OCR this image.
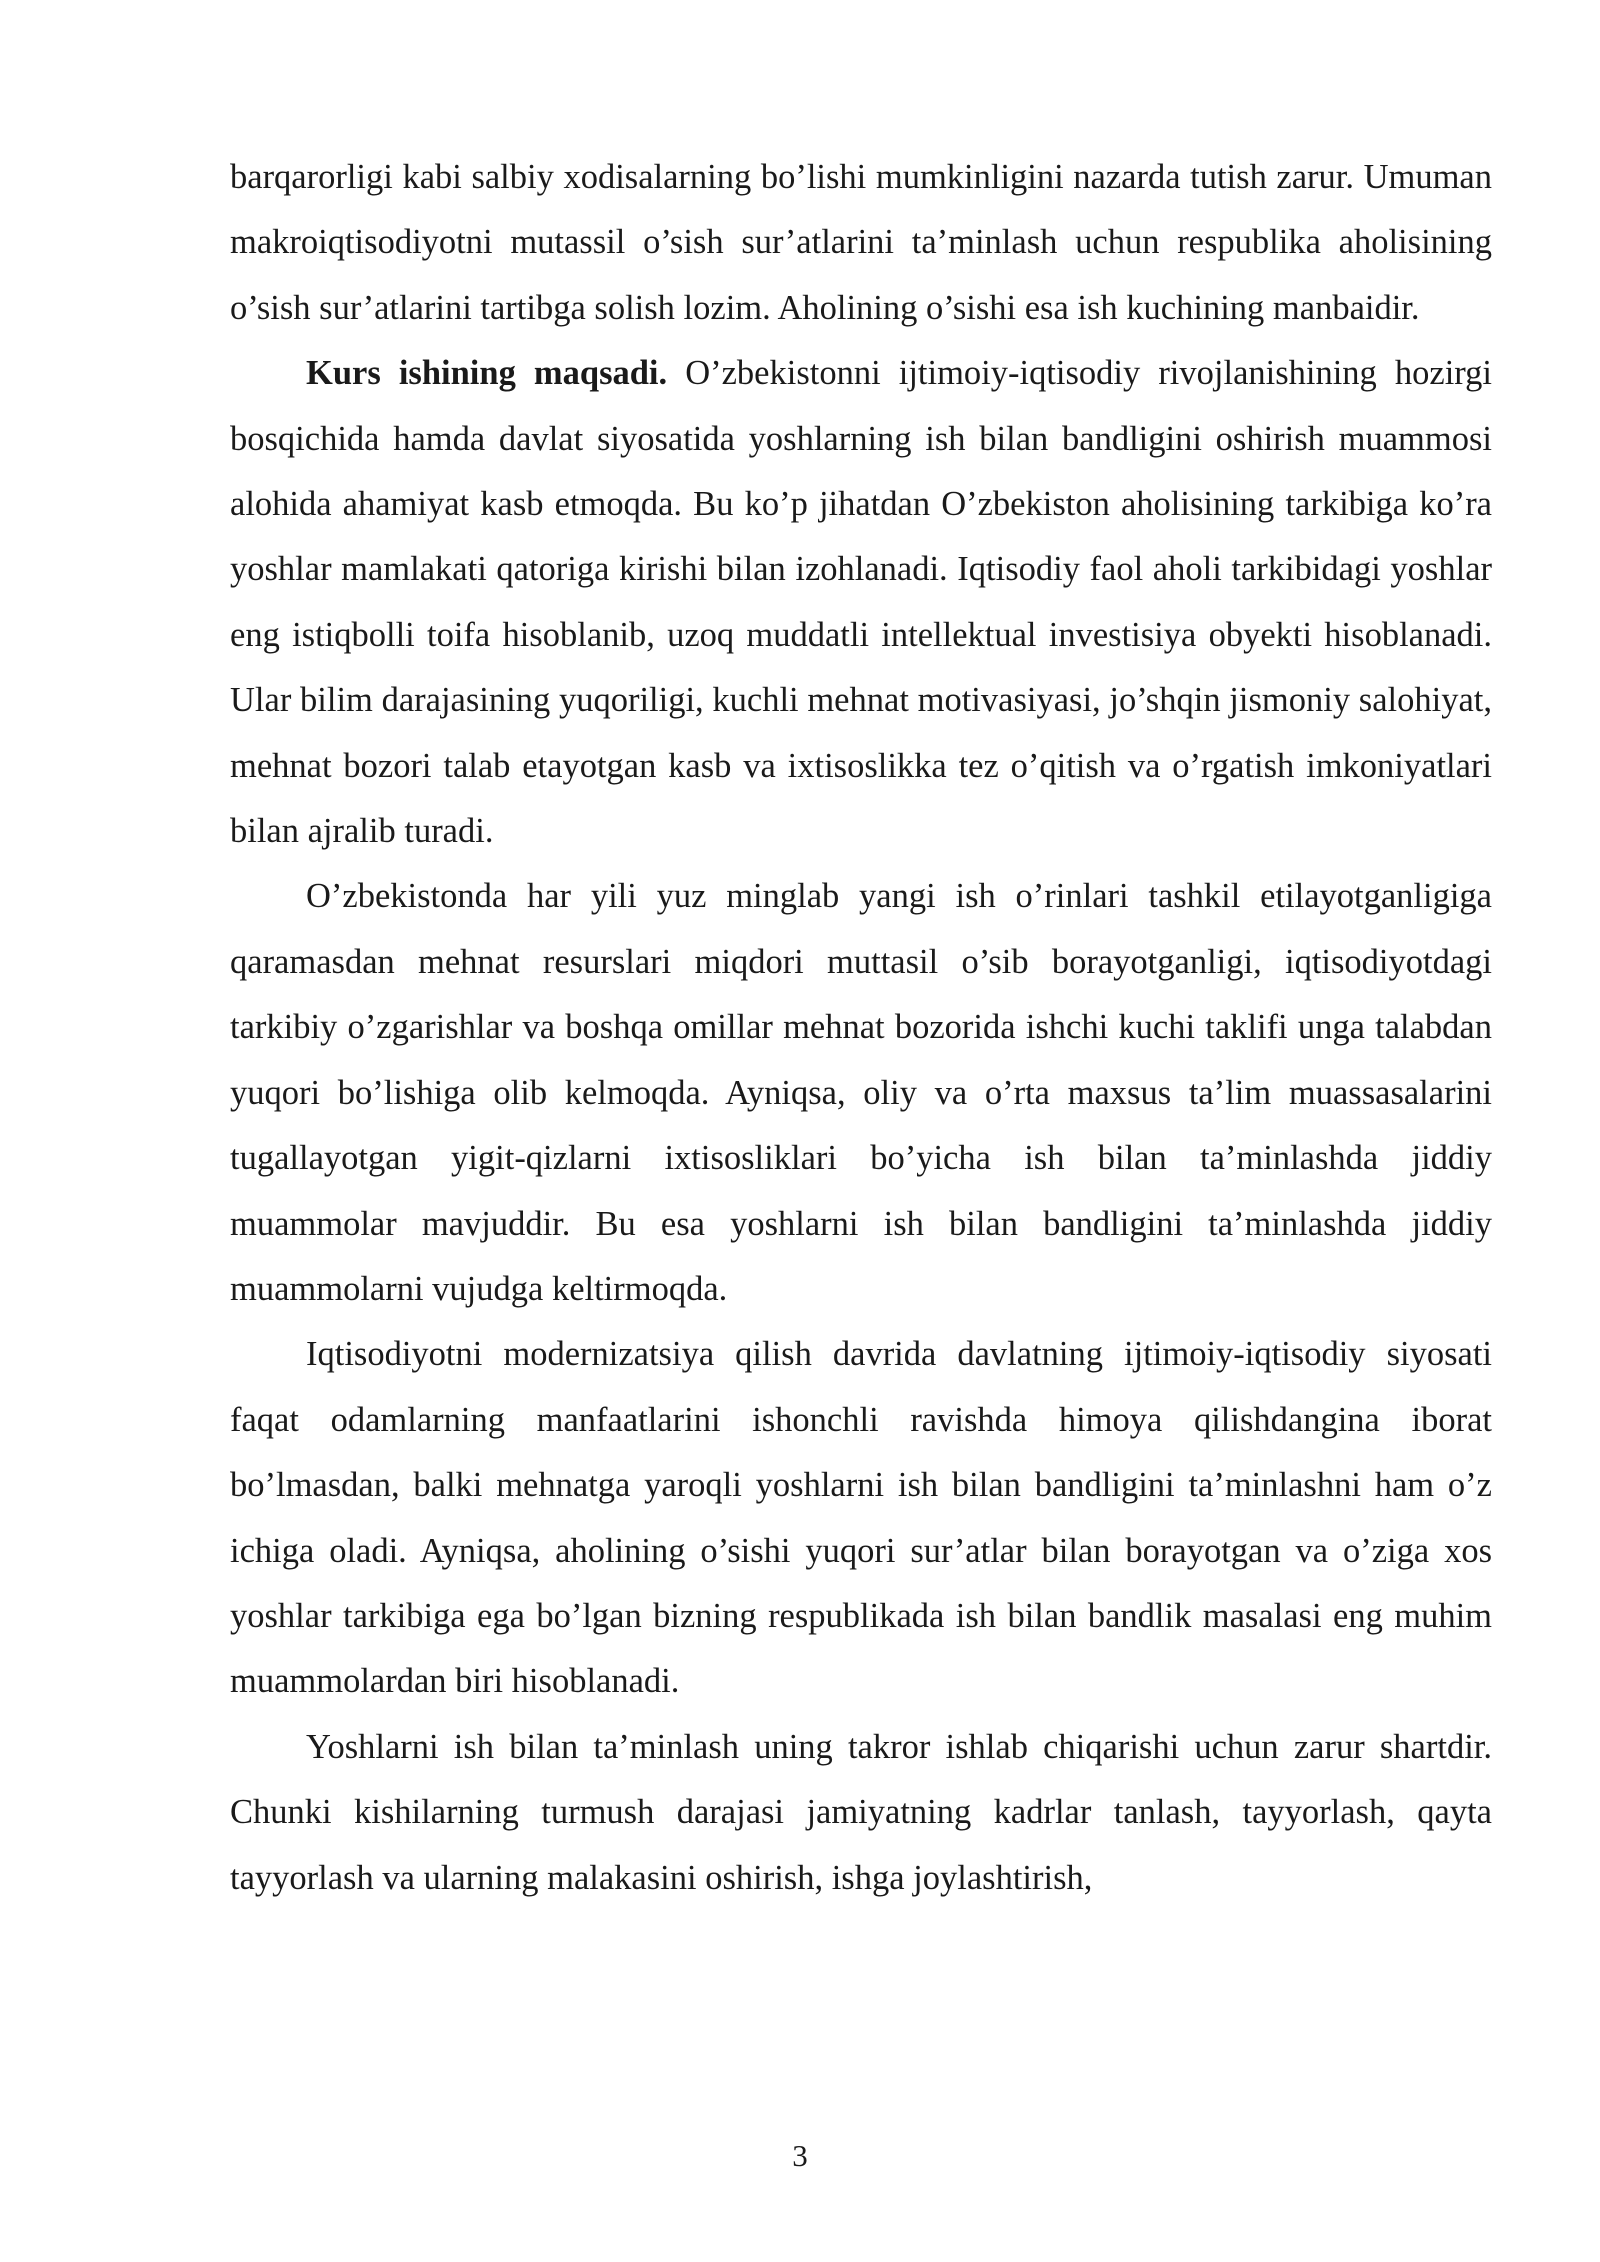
barqarorligi kabi salbiy xodisalarning bo’lishi mumkinligini nazarda tutish zarur. Umuman makroiqtisodiyotni mutassil o’sish sur’atlarini ta’minlash uchun respublika aholisining o’sish sur’atlarini tartibga solish lozim. Aholining o’sishi esa ish kuchining manbaidir.

Kurs ishining maqsadi. O’zbekistonni ijtimoiy-iqtisodiy rivojlanishining hozirgi bosqichida hamda davlat siyosatida yoshlarning ish bilan bandligini oshirish muammosi alohida ahamiyat kasb etmoqda. Bu ko’p jihatdan O’zbekiston aholisining tarkibiga ko’ra yoshlar mamlakati qatoriga kirishi bilan izohlanadi. Iqtisodiy faol aholi tarkibidagi yoshlar eng istiqbolli toifa hisoblanib, uzoq muddatli intellektual investisiya obyekti hisoblanadi. Ular bilim darajasining yuqoriligi, kuchli mehnat motivasiyasi, jo’shqin jismoniy salohiyat, mehnat bozori talab etayotgan kasb va ixtisoslikka tez o’qitish va o’rgatish imkoniyatlari bilan ajralib turadi.

O’zbekistonda har yili yuz minglab yangi ish o’rinlari tashkil etilayotganligiga qaramasdan mehnat resurslari miqdori muttasil o’sib borayotganligi, iqtisodiyotdagi tarkibiy o’zgarishlar va boshqa omillar mehnat bozorida ishchi kuchi taklifi unga talabdan yuqori bo’lishiga olib kelmoqda. Ayniqsa, oliy va o’rta maxsus ta’lim muassasalarini tugallayotgan yigit-qizlarni ixtisosliklari bo’yicha ish bilan ta’minlashda jiddiy muammolar mavjuddir. Bu esa yoshlarni ish bilan bandligini ta’minlashda jiddiy muammolarni vujudga keltirmoqda.

Iqtisodiyotni modernizatsiya qilish davrida davlatning ijtimoiy-iqtisodiy siyosati faqat odamlarning manfaatlarini ishonchli ravishda himoya qilishdangina iborat bo’lmasdan, balki mehnatga yaroqli yoshlarni ish bilan bandligini ta’minlashni ham o’z ichiga oladi. Ayniqsa, aholining o’sishi yuqori sur’atlar bilan borayotgan va o’ziga xos yoshlar tarkibiga ega bo’lgan bizning respublikada ish bilan bandlik masalasi eng muhim muammolardan biri hisoblanadi.

Yoshlarni ish bilan ta’minlash uning takror ishlab chiqarishi uchun zarur shartdir. Chunki kishilarning turmush darajasi jamiyatning kadrlar tanlash, tayyorlash, qayta tayyorlash va ularning malakasini oshirish, ishga joylashtirish,

3
